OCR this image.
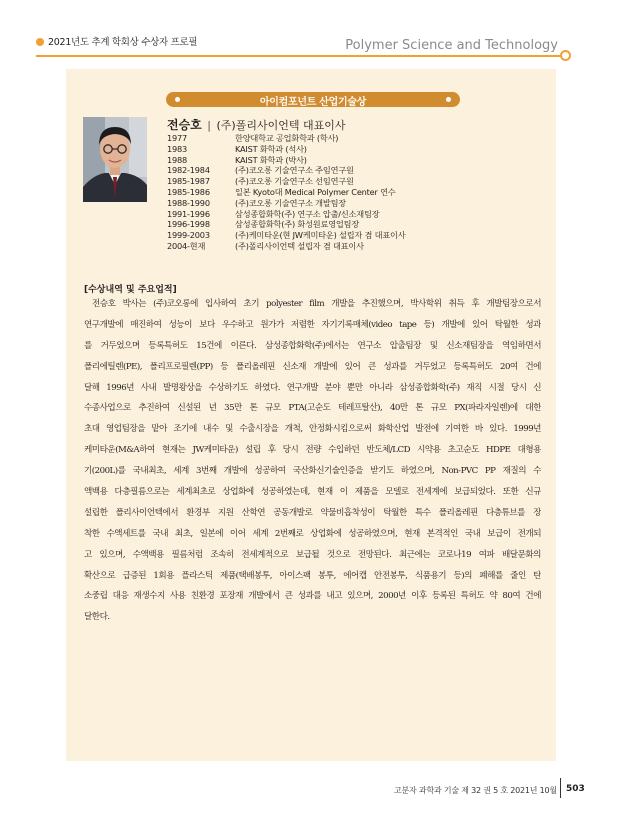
2021년도 추계 학회상 수상자 프로필	Polymer Science and Technology
아이컴포넌트 산업기술상
전승호 | (주)폴리사이언텍 대표이사
1977	한양대학교 공업화학과 (학사)
1983	KAIST 화학과 (석사)
1988	KAIST 화학과 (박사)
1982-1984	(주)코오롱 기술연구소 주임연구원
1985-1987	(주)코오롱 기술연구소 선임연구원
1985-1986	일본 Kyoto대 Medical Polymer Center 연수
1988-1990	(주)코오롱 기술연구소 개발팀장
1991-1996	삼성종합화학(주) 연구소 압출/신소재팀장
1996-1998	삼성종합화학(주) 화성원료영업팀장
1999-2003	(주)케미타운(현 JW케미타운) 설립자 겸 대표이사
2004-현재	(주)폴리사이언텍 설립자 겸 대표이사
[수상내역 및 주요업적]
전승호 박사는 (주)코오롱에 입사하여 초기 polyester film 개발을 추진했으며, 박사학위 취득 후 개발팀장으로서
연구개발에 매진하여 성능이 보다 우수하고 원가가 저렴한 자기기록매체(video tape 등) 개발에 있어 탁월한 성과
를 거두었으며 등록특허도 15건에 이른다. 삼성종합화학(주)에서는 연구소 압출팀장 및 신소재팀장을 역임하면서
폴리에틸렌(PE), 폴리프로필렌(PP) 등 폴리올레핀 신소재 개발에 있어 큰 성과를 거두었고 등록특허도 20여 건에
달해 1996년 사내 발명왕상을 수상하기도 하였다. 연구개발 분야 뿐만 아니라 삼성종합화학(주) 재직 시절 당시 신
수종사업으로 추진하여 신설된 년 35만 톤 규모 PTA(고순도 테레프탈산), 40만 톤 규모 PX(파라자일렌)에 대한
초대 영업팀장을 맡아 조기에 내수 및 수출시장을 개척, 안정화시킴으로써 화학산업 발전에 기여한 바 있다. 1999년
케미타운(M&A하여 현재는 JW케미타운) 설립 후 당시 전량 수입하던 반도체/LCD 시약용 초고순도 HDPE 대형용
기(200L)를 국내최초, 세계 3번째 개발에 성공하여 국산화신기술인증을 받기도 하였으며, Non-PVC PP 재질의 수
액백용 다층필름으로는 세계최초로 상업화에 성공하였는데, 현재 이 제품을 모델로 전세계에 보급되었다. 또한 신규
설립한 폴리사이언텍에서 환경부 지원 산학연 공동개발로 약물비흡착성이 탁월한 특수 폴리올레핀 다층튜브를 장
착한 수액세트를 국내 최초, 일본에 이어 세계 2번째로 상업화에 성공하였으며, 현재 본격적인 국내 보급이 전개되
고 있으며, 수액백용 필름처럼 조속히 전세계적으로 보급될 것으로 전망된다. 최근에는 코로나19 여파 배달문화의
확산으로 급증된 1회용 플라스틱 제품(택배봉투, 아이스팩 봉투, 에어캡 안전봉투, 식품용기 등)의 폐해를 줄인 탄
소중립 대응 재생수지 사용 친환경 포장재 개발에서 큰 성과를 내고 있으며, 2000년 이후 등록된 특허도 약 80여 건에
달한다.
고분자 과학과 기술 제 32 권 5 호 2021년 10월 503
